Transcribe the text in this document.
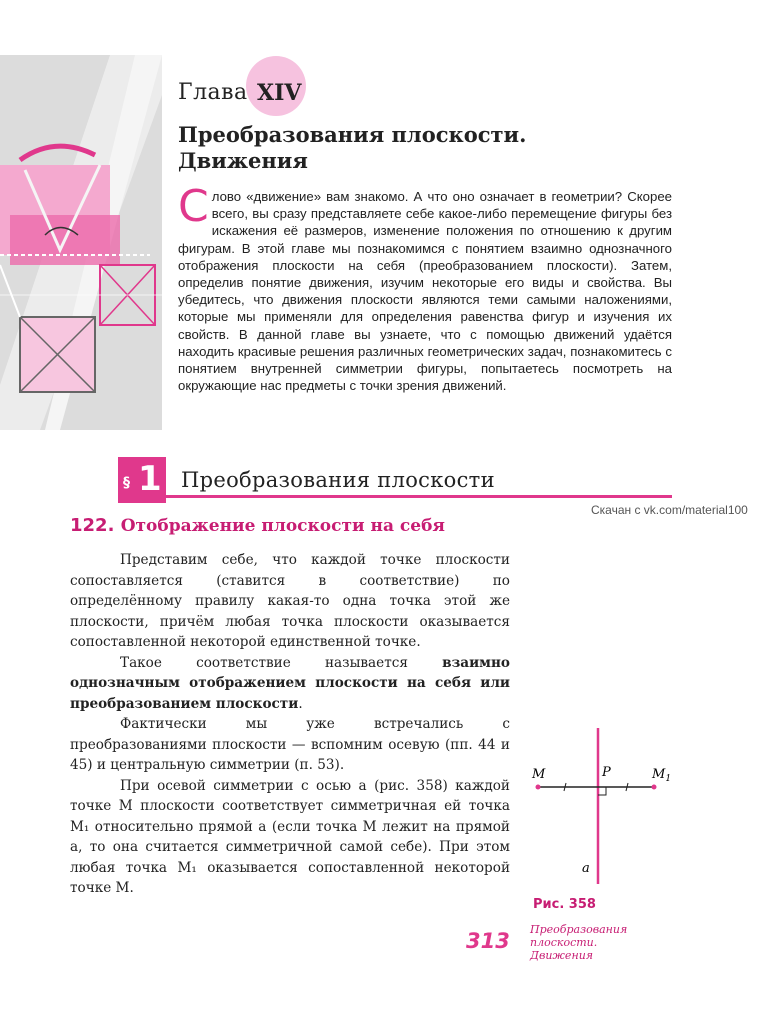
Глава XIV
Преобразования плоскости. Движения
С лово «движение» вам знакомо. А что оно означает в геометрии? Скорее всего, вы сразу представляете себе какое-либо перемещение фигуры без искажения её размеров, изменение положения по отношению к другим фигурам. В этой главе мы познакомимся с понятием взаимно однозначного отображения плоскости на себя (преобразованием плоскости). Затем, определив понятие движения, изучим некоторые его виды и свойства. Вы убедитесь, что движения плоскости являются теми самыми наложениями, которые мы применяли для определения равенства фигур и изучения их свойств. В данной главе вы узнаете, что с помощью движений удаётся находить красивые решения различных геометрических задач, познакомитесь с понятием внутренней симметрии фигуры, попытаетесь посмотреть на окружающие нас предметы с точки зрения движений.
§ 1 Преобразования плоскости
Скачан с vk.com/material100
122. Отображение плоскости на себя

Представим себе, что каждой точке плоскости сопоставляется (ставится в соответствие) по определённому правилу какая-то одна точка этой же плоскости, причём любая точка плоскости оказывается сопоставленной некоторой единственной точке.

Такое соответствие называется взаимно однозначным отображением плоскости на себя или преобразованием плоскости.

Фактически мы уже встречались с преобразованиями плоскости — вспомним осевую (пп. 44 и 45) и центральную симметрии (п. 53).

При осевой симметрии с осью a (рис. 358) каждой точке M плоскости соответствует симметричная ей точка M₁ относительно прямой a (если точка M лежит на прямой a, то она считается симметричной самой себе). При этом любая точка M₁ оказывается сопоставленной некоторой точке M.

M	P	$M_1$
a
Рис. 358
313 Преобразования плоскости. Движения
